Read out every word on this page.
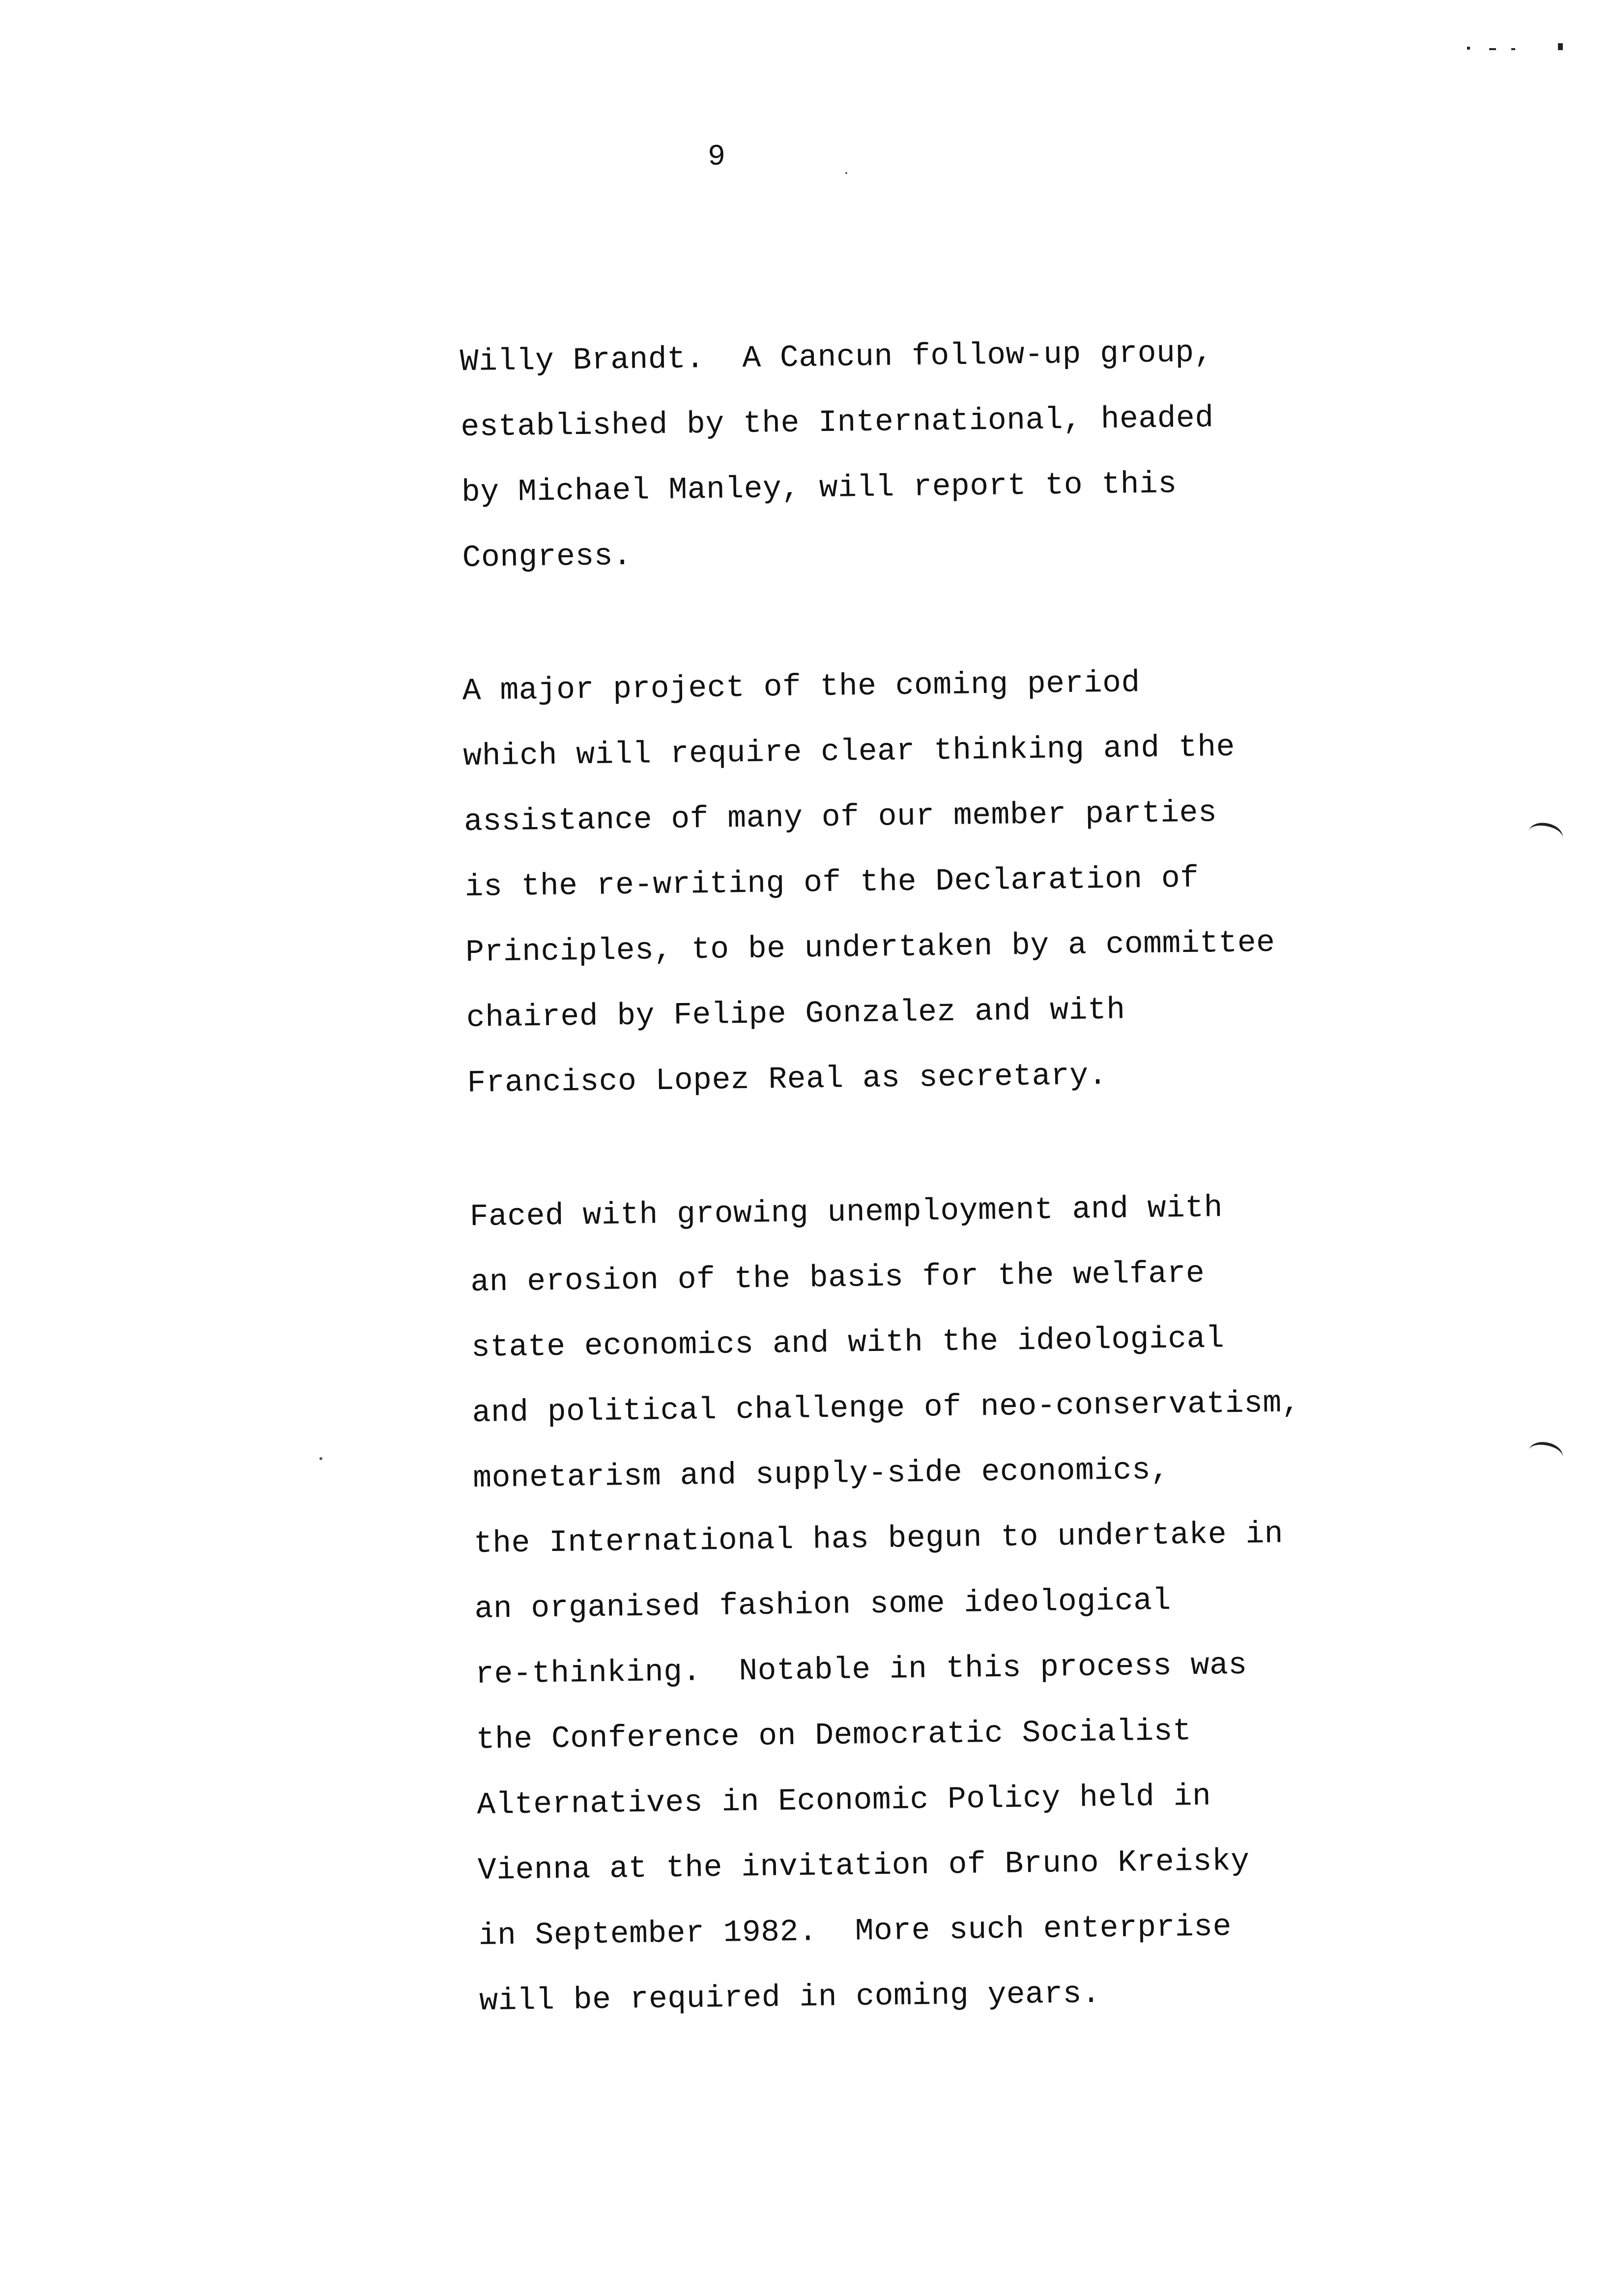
9
Willy Brandt.  A Cancun follow-up group,
established by the International, headed
by Michael Manley, will report to this
Congress.
A major project of the coming period
which will require clear thinking and the
assistance of many of our member parties
is the re-writing of the Declaration of
Principles, to be undertaken by a committee
chaired by Felipe Gonzalez and with
Francisco Lopez Real as secretary.
Faced with growing unemployment and with
an erosion of the basis for the welfare
state economics and with the ideological
and political challenge of neo-conservatism,
monetarism and supply-side economics,
the International has begun to undertake in
an organised fashion some ideological
re-thinking.  Notable in this process was
the Conference on Democratic Socialist
Alternatives in Economic Policy held in
Vienna at the invitation of Bruno Kreisky
in September 1982.  More such enterprise
will be required in coming years.
